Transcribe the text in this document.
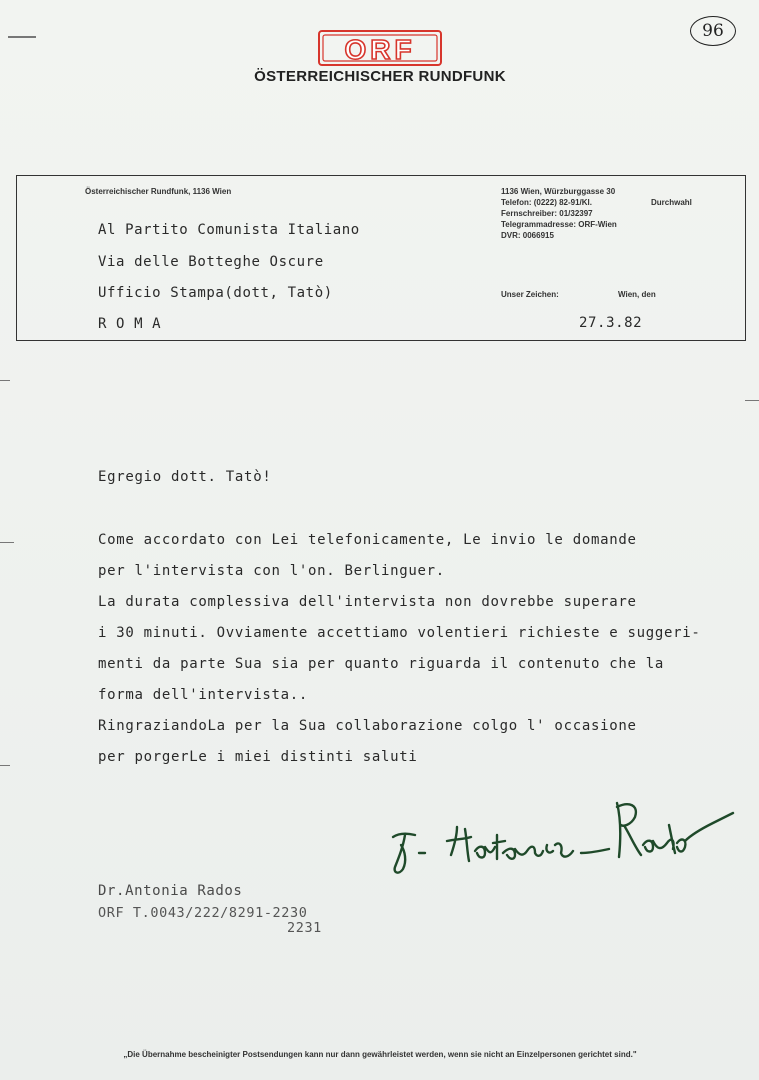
96
ORF
ÖSTERREICHISCHER RUNDFUNK
Österreichischer Rundfunk, 1136 Wien
Al Partito Comunista Italiano
Via delle Botteghe Oscure
Ufficio Stampa(dott, Tatò)
R O M A
1136 Wien, Würzburggasse 30
Telefon: (0222) 82-91/Kl.
Fernschreiber: 01/32397
Telegrammadresse: ORF-Wien
DVR: 0066915
Durchwahl
Unser Zeichen:	Wien, den
27.3.82
Egregio dott. Tatò!
Come accordato con Lei telefonicamente, Le invio le domande
per l'intervista con l'on. Berlinguer.
La durata complessiva dell'intervista non dovrebbe superare
i 30 minuti. Ovviamente accettiamo volentieri richieste e suggeri-
menti da parte Sua sia per quanto riguarda il contenuto che la
forma dell'intervista..
RingraziandoLa per la Sua collaborazione colgo l' occasione
per porgerLe i miei distinti saluti
Dr.Antonia Rados
ORF T.0043/222/8291-2230
2231
„Die Übernahme bescheinigter Postsendungen kann nur dann gewährleistet werden, wenn sie nicht an Einzelpersonen gerichtet sind."
